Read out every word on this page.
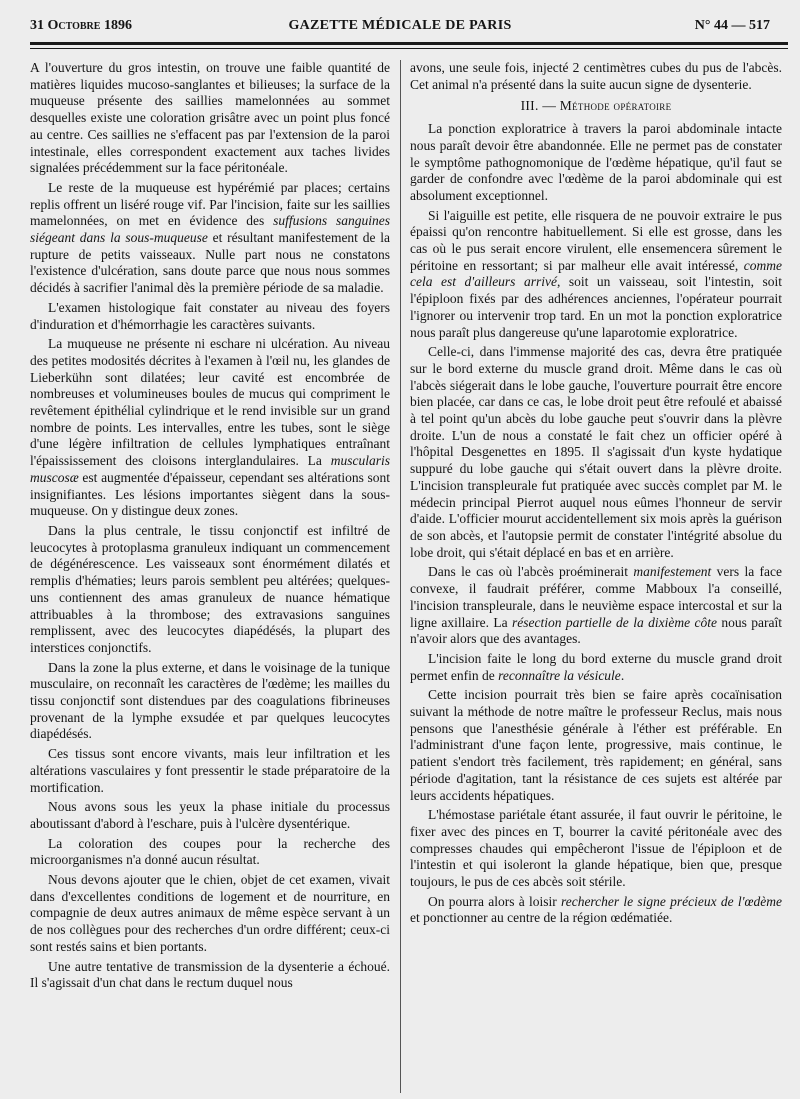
31 Octobre 1896	GAZETTE MÉDICALE DE PARIS	N° 44 — 517

A l'ouverture du gros intestin, on trouve une faible quantité de matières liquides mucoso-sanglantes et bilieuses; la surface de la muqueuse présente des saillies mamelonnées au sommet desquelles existe une coloration grisâtre avec un point plus foncé au centre. Ces saillies ne s'effacent pas par l'extension de la paroi intestinale, elles correspondent exactement aux taches livides signalées précédemment sur la face péritonéale.

Le reste de la muqueuse est hypérémié par places; certains replis offrent un liséré rouge vif. Par l'incision, faite sur les saillies mamelonnées, on met en évidence des suffusions sanguines siégeant dans la sous-muqueuse et résultant manifestement de la rupture de petits vaisseaux. Nulle part nous ne constatons l'existence d'ulcération, sans doute parce que nous nous sommes décidés à sacrifier l'animal dès la première période de sa maladie.

L'examen histologique fait constater au niveau des foyers d'induration et d'hémorrhagie les caractères suivants.

La muqueuse ne présente ni eschare ni ulcération. Au niveau des petites modosités décrites à l'examen à l'œil nu, les glandes de Lieberkühn sont dilatées; leur cavité est encombrée de nombreuses et volumineuses boules de mucus qui compriment le revêtement épithélial cylindrique et le rend invisible sur un grand nombre de points. Les intervalles, entre les tubes, sont le siège d'une légère infiltration de cellules lymphatiques entraînant l'épaississement des cloisons interglandulaires. La muscularis muscosæ est augmentée d'épaisseur, cependant ses altérations sont insignifiantes. Les lésions importantes siègent dans la sous-muqueuse. On y distingue deux zones.

Dans la plus centrale, le tissu conjonctif est infiltré de leucocytes à protoplasma granuleux indiquant un commencement de dégénérescence. Les vaisseaux sont énormément dilatés et remplis d'hématies; leurs parois semblent peu altérées; quelques-uns contiennent des amas granuleux de nuance hématique attribuables à la thrombose; des extravasions sanguines remplissent, avec des leucocytes diapédésés, la plupart des interstices conjonctifs.

Dans la zone la plus externe, et dans le voisinage de la tunique musculaire, on reconnaît les caractères de l'œdème; les mailles du tissu conjonctif sont distendues par des coagulations fibrineuses provenant de la lymphe exsudée et par quelques leucocytes diapédésés.

Ces tissus sont encore vivants, mais leur infiltration et les altérations vasculaires y font pressentir le stade préparatoire de la mortification.

Nous avons sous les yeux la phase initiale du processus aboutissant d'abord à l'eschare, puis à l'ulcère dysentérique.

La coloration des coupes pour la recherche des microorganismes n'a donné aucun résultat.

Nous devons ajouter que le chien, objet de cet examen, vivait dans d'excellentes conditions de logement et de nourriture, en compagnie de deux autres animaux de même espèce servant à un de nos collègues pour des recherches d'un ordre différent; ceux-ci sont restés sains et bien portants.

Une autre tentative de transmission de la dysenterie a échoué. Il s'agissait d'un chat dans le rectum duquel nous

avons, une seule fois, injecté 2 centimètres cubes du pus de l'abcès. Cet animal n'a présenté dans la suite aucun signe de dysenterie.

III. — Méthode opératoire

La ponction exploratrice à travers la paroi abdominale intacte nous paraît devoir être abandonnée. Elle ne permet pas de constater le symptôme pathognomonique de l'œdème hépatique, qu'il faut se garder de confondre avec l'œdème de la paroi abdominale qui est absolument exceptionnel.

Si l'aiguille est petite, elle risquera de ne pouvoir extraire le pus épaissi qu'on rencontre habituellement. Si elle est grosse, dans les cas où le pus serait encore virulent, elle ensemencera sûrement le péritoine en ressortant; si par malheur elle avait intéressé, comme cela est d'ailleurs arrivé, soit un vaisseau, soit l'intestin, soit l'épiploon fixés par des adhérences anciennes, l'opérateur pourrait l'ignorer ou intervenir trop tard. En un mot la ponction exploratrice nous paraît plus dangereuse qu'une laparotomie exploratrice.

Celle-ci, dans l'immense majorité des cas, devra être pratiquée sur le bord externe du muscle grand droit. Même dans le cas où l'abcès siégerait dans le lobe gauche, l'ouverture pourrait être encore bien placée, car dans ce cas, le lobe droit peut être refoulé et abaissé à tel point qu'un abcès du lobe gauche peut s'ouvrir dans la plèvre droite. L'un de nous a constaté le fait chez un officier opéré à l'hôpital Desgenettes en 1895. Il s'agissait d'un kyste hydatique suppuré du lobe gauche qui s'était ouvert dans la plèvre droite. L'incision transpleurale fut pratiquée avec succès complet par M. le médecin principal Pierrot auquel nous eûmes l'honneur de servir d'aide. L'officier mourut accidentellement six mois après la guérison de son abcès, et l'autopsie permit de constater l'intégrité absolue du lobe droit, qui s'était déplacé en bas et en arrière.

Dans le cas où l'abcès proéminerait manifestement vers la face convexe, il faudrait préférer, comme Mabboux l'a conseillé, l'incision transpleurale, dans le neuvième espace intercostal et sur la ligne axillaire. La résection partielle de la dixième côte nous paraît n'avoir alors que des avantages.

L'incision faite le long du bord externe du muscle grand droit permet enfin de reconnaître la vésicule.

Cette incision pourrait très bien se faire après cocaïnisation suivant la méthode de notre maître le professeur Reclus, mais nous pensons que l'anesthésie générale à l'éther est préférable. En l'administrant d'une façon lente, progressive, mais continue, le patient s'endort très facilement, très rapidement; en général, sans période d'agitation, tant la résistance de ces sujets est altérée par leurs accidents hépatiques.

L'hémostase pariétale étant assurée, il faut ouvrir le péritoine, le fixer avec des pinces en T, bourrer la cavité péritonéale avec des compresses chaudes qui empêcheront l'issue de l'épiploon et de l'intestin et qui isoleront la glande hépatique, bien que, presque toujours, le pus de ces abcès soit stérile.

On pourra alors à loisir rechercher le signe précieux de l'œdème et ponctionner au centre de la région œdématiée.
